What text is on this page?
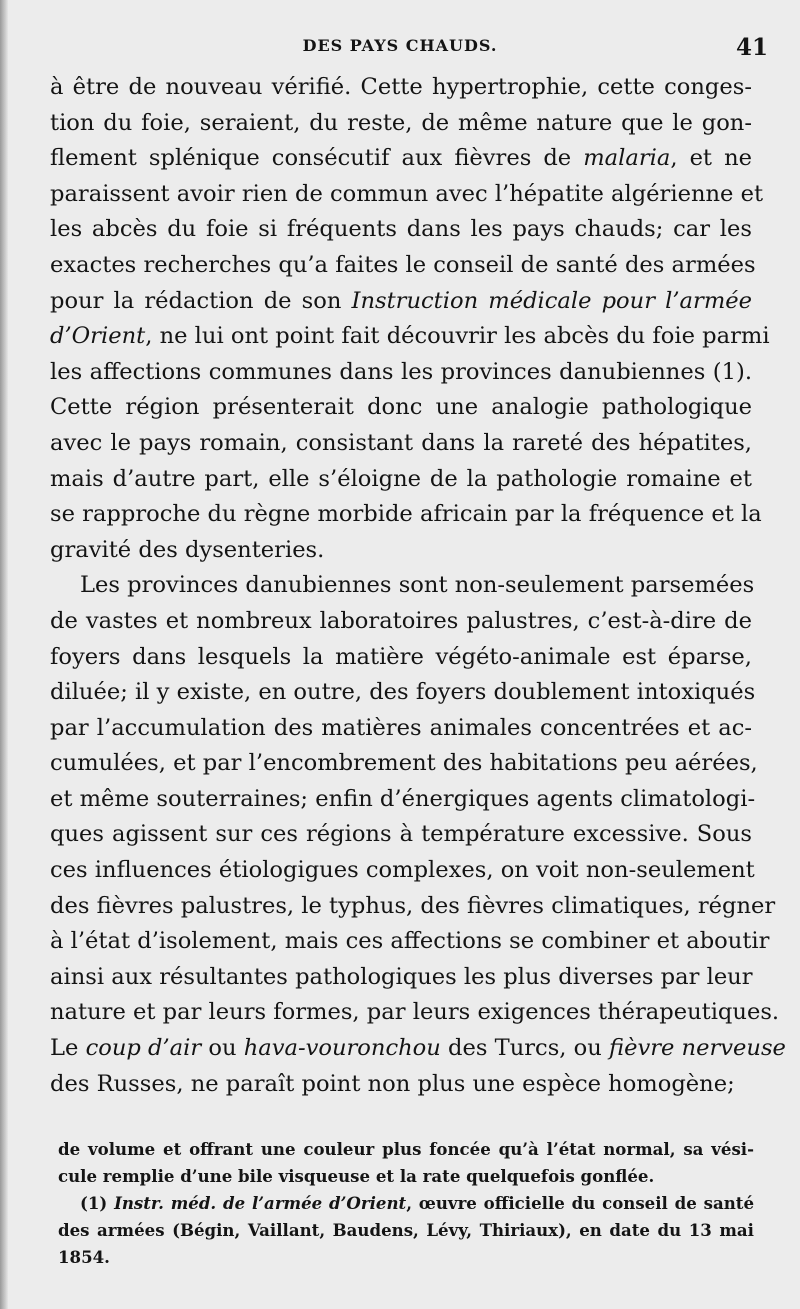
DES PAYS CHAUDS.	41
à être de nouveau vérifié. Cette hypertrophie, cette conges-
tion du foie, seraient, du reste, de même nature que le gon-
flement splénique consécutif aux fièvres de malaria, et ne
paraissent avoir rien de commun avec l’hépatite algérienne et
les abcès du foie si fréquents dans les pays chauds; car les
exactes recherches qu’a faites le conseil de santé des armées
pour la rédaction de son Instruction médicale pour l’armée
d’Orient, ne lui ont point fait découvrir les abcès du foie parmi
les affections communes dans les provinces danubiennes (1).
Cette région présenterait donc une analogie pathologique
avec le pays romain, consistant dans la rareté des hépatites,
mais d’autre part, elle s’éloigne de la pathologie romaine et
se rapproche du règne morbide africain par la fréquence et la
gravité des dysenteries.
Les provinces danubiennes sont non-seulement parsemées
de vastes et nombreux laboratoires palustres, c’est-à-dire de
foyers dans lesquels la matière végéto-animale est éparse,
diluée; il y existe, en outre, des foyers doublement intoxiqués
par l’accumulation des matières animales concentrées et ac-
cumulées, et par l’encombrement des habitations peu aérées,
et même souterraines; enfin d’énergiques agents climatologi-
ques agissent sur ces régions à température excessive. Sous
ces influences étiologigues complexes, on voit non-seulement
des fièvres palustres, le typhus, des fièvres climatiques, régner
à l’état d’isolement, mais ces affections se combiner et aboutir
ainsi aux résultantes pathologiques les plus diverses par leur
nature et par leurs formes, par leurs exigences thérapeutiques.
Le coup d’air ou hava-vouronchou des Turcs, ou fièvre nerveuse
des Russes, ne paraît point non plus une espèce homogène;
de volume et offrant une couleur plus foncée qu’à l’état normal, sa vési-
cule remplie d’une bile visqueuse et la rate quelquefois gonflée.
(1) Instr. méd. de l’armée d’Orient, œuvre officielle du conseil de santé
des armées (Bégin, Vaillant, Baudens, Lévy, Thiriaux), en date du 13 mai
1854.
